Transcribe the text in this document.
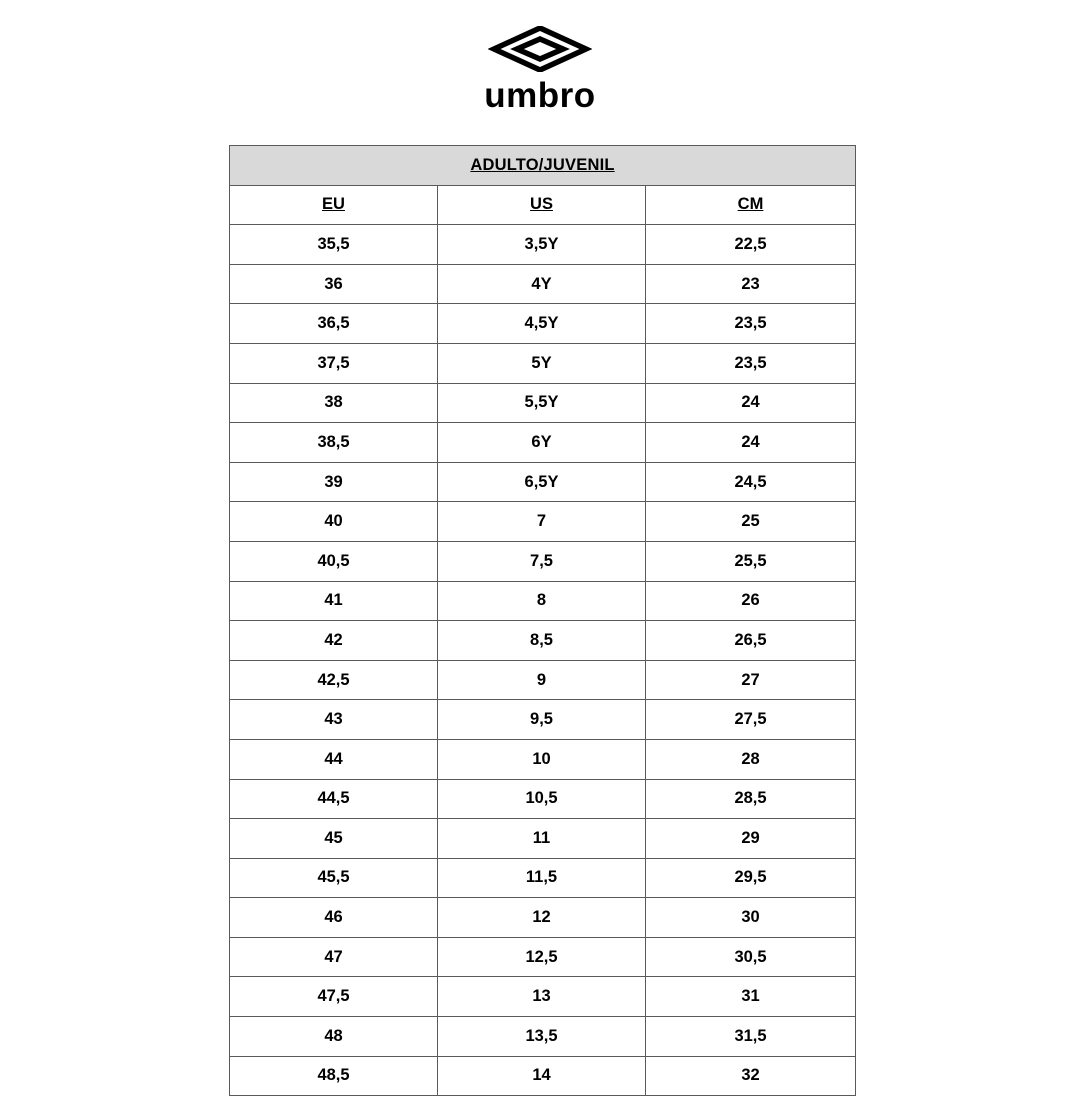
umbro
ADULTO/JUVENIL		
EU	US	CM
35,5	3,5Y	22,5
36	4Y	23
36,5	4,5Y	23,5
37,5	5Y	23,5
38	5,5Y	24
38,5	6Y	24
39	6,5Y	24,5
40	7	25
40,5	7,5	25,5
41	8	26
42	8,5	26,5
42,5	9	27
43	9,5	27,5
44	10	28
44,5	10,5	28,5
45	11	29
45,5	11,5	29,5
46	12	30
47	12,5	30,5
47,5	13	31
48	13,5	31,5
48,5	14	32
